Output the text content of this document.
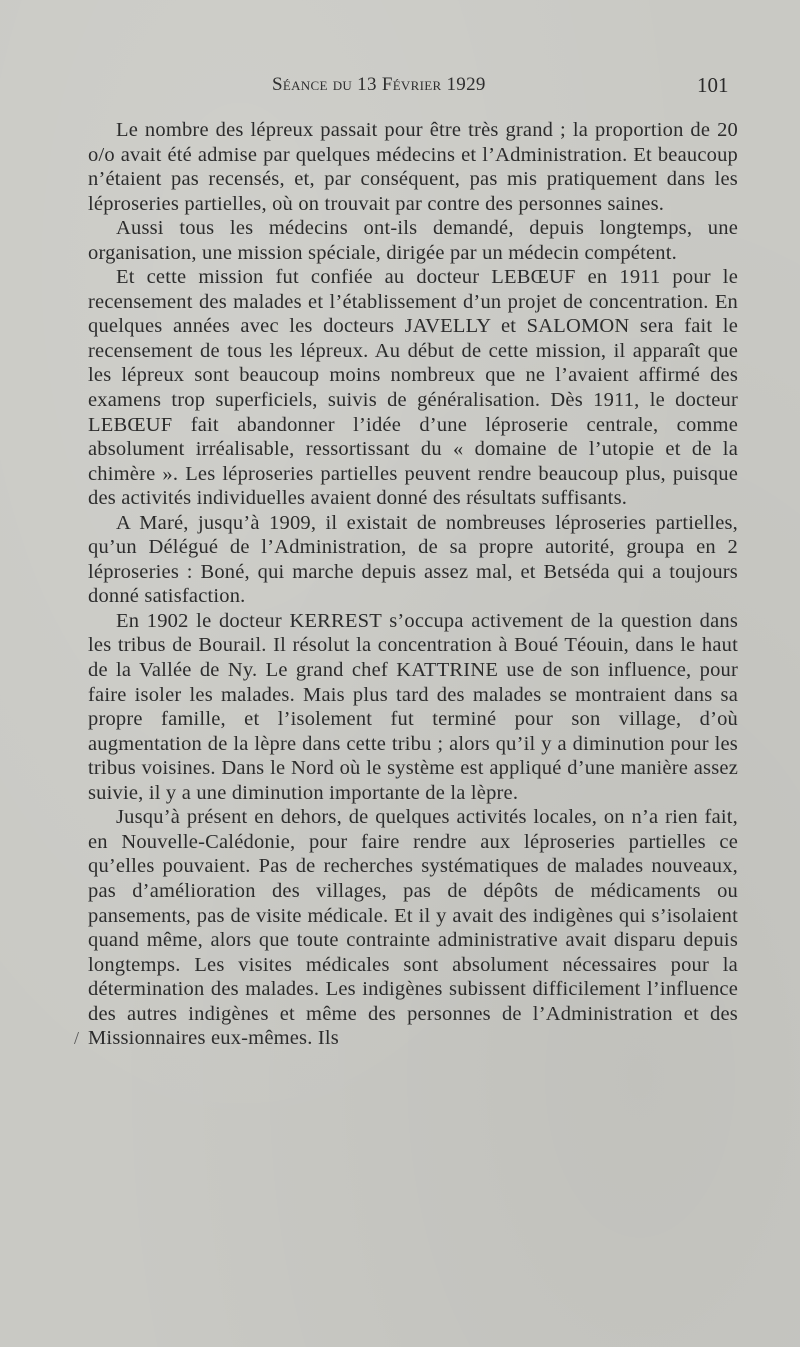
Séance du 13 Février 1929	101

Le nombre des lépreux passait pour être très grand ; la proportion de 20 o/o avait été admise par quelques médecins et l’Administration. Et beaucoup n’étaient pas recensés, et, par conséquent, pas mis pratiquement dans les léproseries partielles, où on trouvait par contre des personnes saines.

Aussi tous les médecins ont-ils demandé, depuis longtemps, une organisation, une mission spéciale, dirigée par un médecin compétent.

Et cette mission fut confiée au docteur LEBŒUF en 1911 pour le recensement des malades et l’établissement d’un projet de concentration. En quelques années avec les docteurs JAVELLY et SALOMON sera fait le recensement de tous les lépreux. Au début de cette mission, il apparaît que les lépreux sont beaucoup moins nombreux que ne l’avaient affirmé des examens trop superficiels, suivis de généralisation. Dès 1911, le docteur LEBŒUF fait abandonner l’idée d’une léproserie centrale, comme absolument irréalisable, ressortissant du « domaine de l’utopie et de la chimère ». Les léproseries partielles peuvent rendre beaucoup plus, puisque des activités individuelles avaient donné des résultats suffisants.

A Maré, jusqu’à 1909, il existait de nombreuses léproseries partielles, qu’un Délégué de l’Administration, de sa propre autorité, groupa en 2 léproseries : Boné, qui marche depuis assez mal, et Betséda qui a toujours donné satisfaction.

En 1902 le docteur KERREST s’occupa activement de la question dans les tribus de Bourail. Il résolut la concentration à Boué Téouin, dans le haut de la Vallée de Ny. Le grand chef KATTRINE use de son influence, pour faire isoler les malades. Mais plus tard des malades se montraient dans sa propre famille, et l’isolement fut terminé pour son village, d’où augmentation de la lèpre dans cette tribu ; alors qu’il y a diminution pour les tribus voisines. Dans le Nord où le système est appliqué d’une manière assez suivie, il y a une diminution importante de la lèpre.

Jusqu’à présent en dehors, de quelques activités locales, on n’a rien fait, en Nouvelle-Calédonie, pour faire rendre aux léproseries partielles ce qu’elles pouvaient. Pas de recherches systématiques de malades nouveaux, pas d’amélioration des villages, pas de dépôts de médicaments ou pansements, pas de visite médicale. Et il y avait des indigènes qui s’isolaient quand même, alors que toute contrainte administrative avait disparu depuis longtemps. Les visites médicales sont absolument nécessaires pour la détermination des malades. Les indigènes subissent difficilement l’influence des autres indigènes et même des personnes de l’Administration et des Missionnaires eux-mêmes. Ils

/
